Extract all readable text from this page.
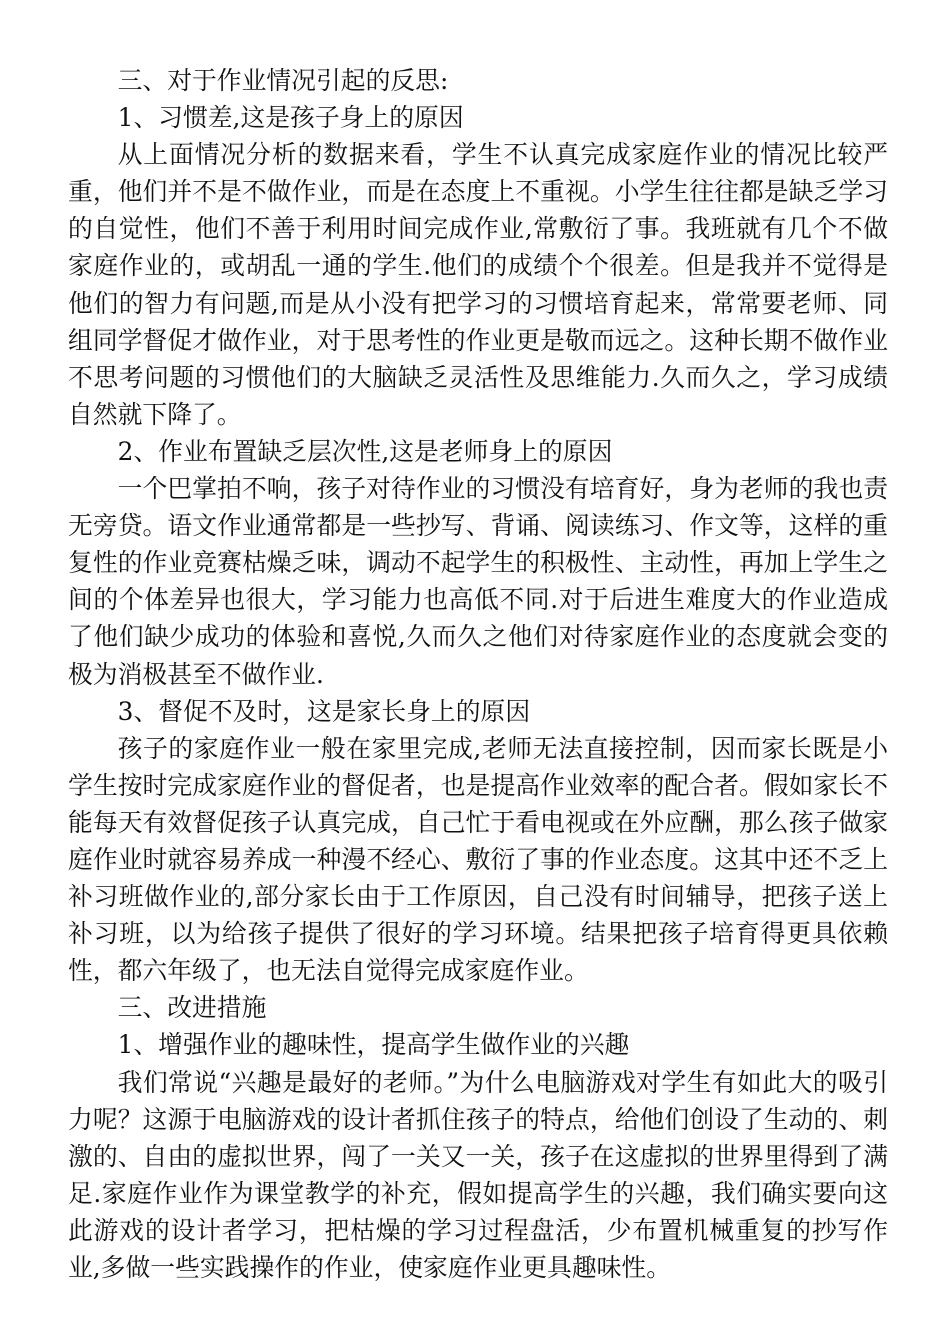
三、对于作业情况引起的反思:

1、习惯差,这是孩子身上的原因

从上面情况分析的数据来看，学生不认真完成家庭作业的情况比较严重，他们并不是不做作业，而是在态度上不重视。小学生往往都是缺乏学习的自觉性，他们不善于利用时间完成作业,常敷衍了事。我班就有几个不做家庭作业的，或胡乱一通的学生.他们的成绩个个很差。但是我并不觉得是他们的智力有问题,而是从小没有把学习的习惯培育起来，常常要老师、同组同学督促才做作业，对于思考性的作业更是敬而远之。这种长期不做作业不思考问题的习惯他们的大脑缺乏灵活性及思维能力.久而久之，学习成绩自然就下降了。

2、作业布置缺乏层次性,这是老师身上的原因

一个巴掌拍不响，孩子对待作业的习惯没有培育好，身为老师的我也责无旁贷。语文作业通常都是一些抄写、背诵、阅读练习、作文等，这样的重复性的作业竞赛枯燥乏味，调动不起学生的积极性、主动性，再加上学生之间的个体差异也很大，学习能力也高低不同.对于后进生难度大的作业造成了他们缺少成功的体验和喜悦,久而久之他们对待家庭作业的态度就会变的极为消极甚至不做作业.

3、督促不及时，这是家长身上的原因

孩子的家庭作业一般在家里完成,老师无法直接控制，因而家长既是小学生按时完成家庭作业的督促者，也是提高作业效率的配合者。假如家长不能每天有效督促孩子认真完成，自己忙于看电视或在外应酬，那么孩子做家庭作业时就容易养成一种漫不经心、敷衍了事的作业态度。这其中还不乏上补习班做作业的,部分家长由于工作原因，自己没有时间辅导，把孩子送上补习班，以为给孩子提供了很好的学习环境。结果把孩子培育得更具依赖性，都六年级了，也无法自觉得完成家庭作业。

三、改进措施

1、增强作业的趣味性，提高学生做作业的兴趣

我们常说“兴趣是最好的老师。”为什么电脑游戏对学生有如此大的吸引力呢？这源于电脑游戏的设计者抓住孩子的特点，给他们创设了生动的、刺激的、自由的虚拟世界，闯了一关又一关，孩子在这虚拟的世界里得到了满足.家庭作业作为课堂教学的补充，假如提高学生的兴趣，我们确实要向这此游戏的设计者学习，把枯燥的学习过程盘活，少布置机械重复的抄写作业,多做一些实践操作的作业，使家庭作业更具趣味性。
